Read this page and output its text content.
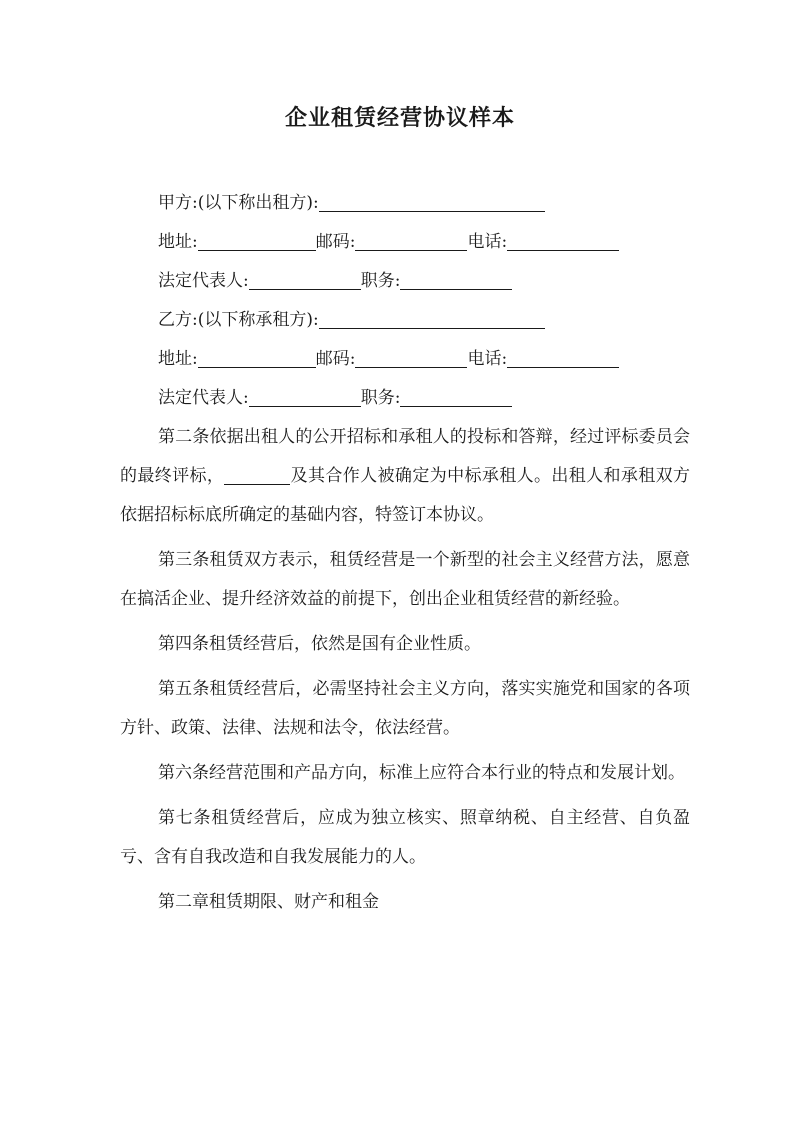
企业租赁经营协议样本

甲方:(以下称出租方):

地址:	邮码:	电话:

法定代表人:	职务:

乙方:(以下称承租方):

地址:	邮码:	电话:

法定代表人:	职务:

第二条依据出租人的公开招标和承租人的投标和答辩，经过评标委员会的最终评标，	及其合作人被确定为中标承租人。出租人和承租双方依据招标标底所确定的基础内容，特签订本协议。

第三条租赁双方表示，租赁经营是一个新型的社会主义经营方法，愿意在搞活企业、提升经济效益的前提下，创出企业租赁经营的新经验。

第四条租赁经营后，依然是国有企业性质。

第五条租赁经营后，必需坚持社会主义方向，落实实施党和国家的各项方针、政策、法律、法规和法令，依法经营。

第六条经营范围和产品方向，标准上应符合本行业的特点和发展计划。

第七条租赁经营后，应成为独立核实、照章纳税、自主经营、自负盈亏、含有自我改造和自我发展能力的人。

第二章租赁期限、财产和租金
